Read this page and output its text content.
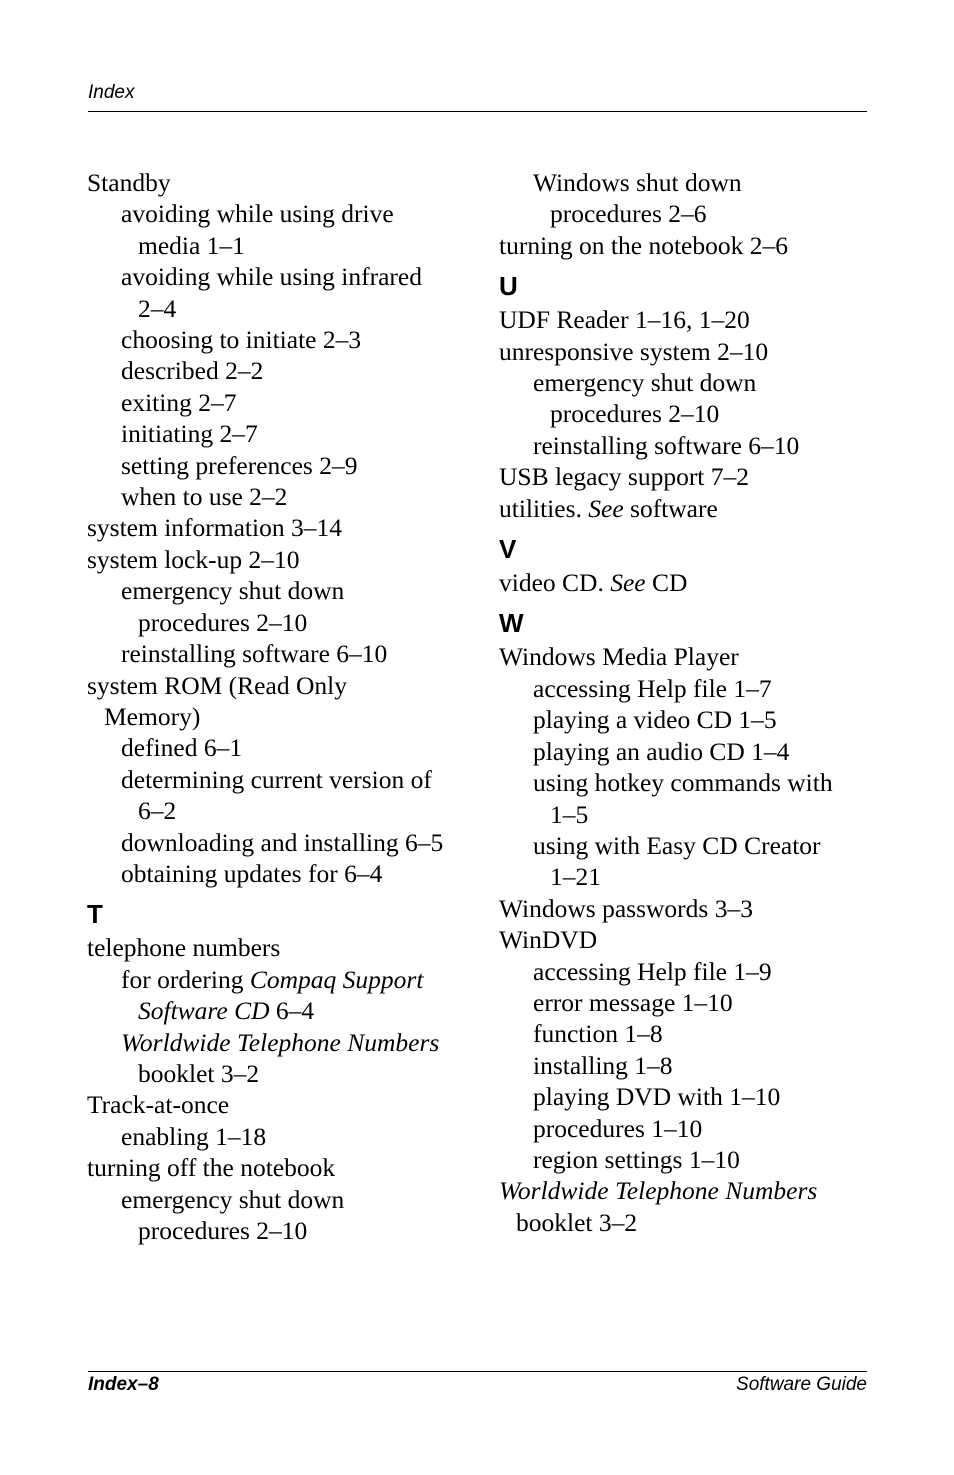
Index
Standby
avoiding while using drive
media 1–1
avoiding while using infrared
2–4
choosing to initiate 2–3
described 2–2
exiting 2–7
initiating 2–7
setting preferences 2–9
when to use 2–2
system information 3–14
system lock-up 2–10
emergency shut down
procedures 2–10
reinstalling software 6–10
system ROM (Read Only
Memory)
defined 6–1
determining current version of
6–2
downloading and installing 6–5
obtaining updates for 6–4
T
telephone numbers
for ordering Compaq Support
Software CD 6–4
Worldwide Telephone Numbers
booklet 3–2
Track-at-once
enabling 1–18
turning off the notebook
emergency shut down
procedures 2–10
Windows shut down
procedures 2–6
turning on the notebook 2–6
U
UDF Reader 1–16, 1–20
unresponsive system 2–10
emergency shut down
procedures 2–10
reinstalling software 6–10
USB legacy support 7–2
utilities. See software
V
video CD. See CD
W
Windows Media Player
accessing Help file 1–7
playing a video CD 1–5
playing an audio CD 1–4
using hotkey commands with
1–5
using with Easy CD Creator
1–21
Windows passwords 3–3
WinDVD
accessing Help file 1–9
error message 1–10
function 1–8
installing 1–8
playing DVD with 1–10
procedures 1–10
region settings 1–10
Worldwide Telephone Numbers
booklet 3–2
Index–8	Software Guide
